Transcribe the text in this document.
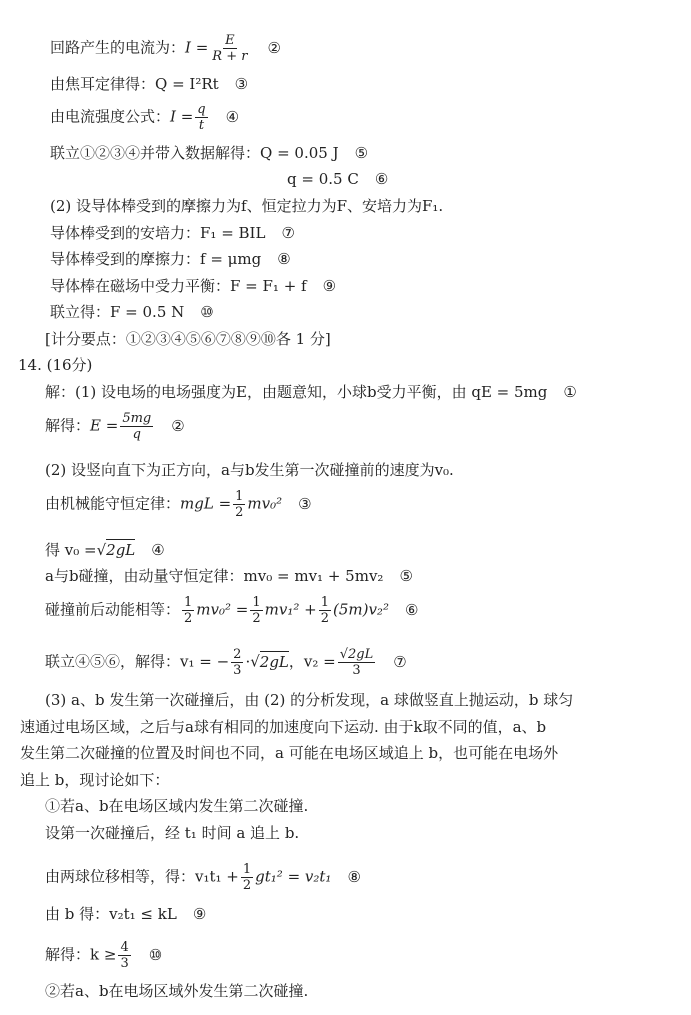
回路产生的电流为：$I = \frac{E}{R + r}$ ②
由焦耳定律得：Q = I²Rt ③
由电流强度公式：$I = \frac{q}{t}$ ④
联立①②③④并带入数据解得：Q = 0.05 J ⑤
q = 0.5 C ⑥
(2) 设导体棒受到的摩擦力为f、恒定拉力为F、安培力为F₁.
导体棒受到的安培力：F₁ = BIL ⑦
导体棒受到的摩擦力：f = μmg ⑧
导体棒在磁场中受力平衡：F = F₁ + f ⑨
联立得：F = 0.5 N ⑩
[计分要点：①②③④⑤⑥⑦⑧⑨⑩各 1 分]
14. (16分)
解：(1) 设电场的电场强度为E，由题意知，小球b受力平衡，由 qE = 5mg ①
解得：$E = \frac{5mg}{q}$ ②
(2) 设竖向直下为正方向，a与b发生第一次碰撞前的速度为v₀.
由机械能守恒定律：mgL = $\frac{1}{2} mv_0^2$ ③
得 v₀ =√2gL ④
a与b碰撞，由动量守恒定律：mv₀ = mv₁ + 5mv₂ ⑤
碰撞前后动能相等： $\frac{1}{2} mv_0^2 = \frac{1}{2} mv_1^2 + \frac{1}{2} (5m)v_2^2$ ⑥
联立④⑤⑥，解得：v₁ = − $\frac{2}{3} \cdot√2gL$，$v_2 = \frac{√2gL}{3}$ ⑦
(3) a、b 发生第一次碰撞后，由 (2) 的分析发现，a 球做竖直上抛运动，b 球匀
速通过电场区域，之后与a球有相同的加速度向下运动. 由于k取不同的值，a、b
发生第二次碰撞的位置及时间也不同，a 可能在电场区域追上 b，也可能在电场外
追上 b，现讨论如下：
①若a、b在电场区域内发生第二次碰撞.
设第一次碰撞后，经 t₁ 时间 a 追上 b.
由两球位移相等，得：$v_1t_1 + \frac{1}{2} gt_1^2 = v_2t_1$ ⑧
由 b 得：v₂t₁ ≤ kL ⑨
解得：$k \ge \frac{4}{3}$ ⑩
②若a、b在电场区域外发生第二次碰撞.
